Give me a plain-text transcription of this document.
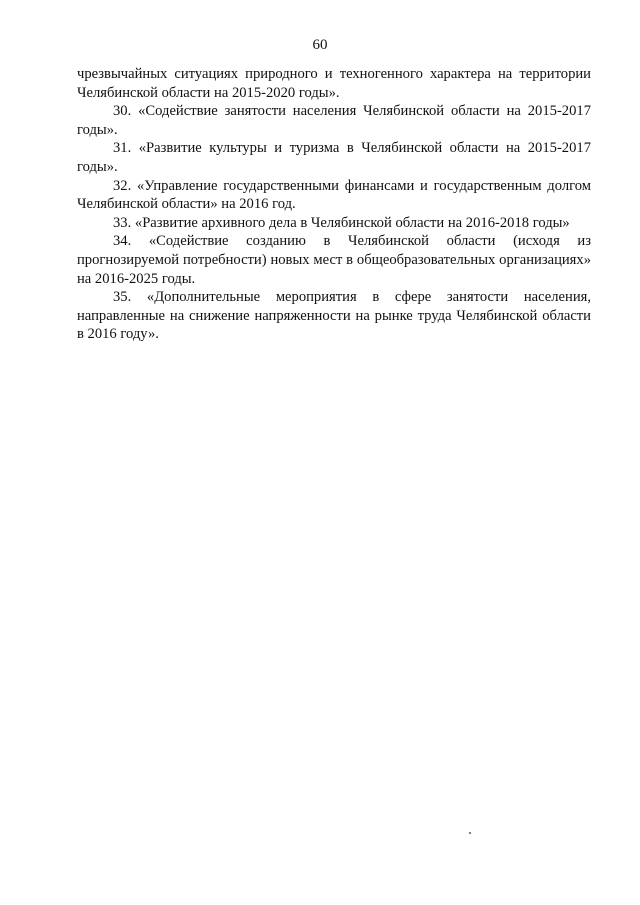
60

чрезвычайных ситуациях природного и техногенного характера на территории Челябинской области на 2015-2020 годы».

30. «Содействие занятости населения Челябинской области на 2015-2017 годы».

31. «Развитие культуры и туризма в Челябинской области на 2015-2017 годы».

32. «Управление государственными финансами и государственным долгом Челябинской области» на 2016 год.

33. «Развитие архивного дела в Челябинской области на 2016-2018 годы»

34. «Содействие созданию в Челябинской области (исходя из прогнозируемой потребности) новых мест в общеобразовательных организациях» на 2016-2025 годы.

35. «Дополнительные мероприятия в сфере занятости населения, направленные на снижение напряженности на рынке труда Челябинской области в 2016 году».
